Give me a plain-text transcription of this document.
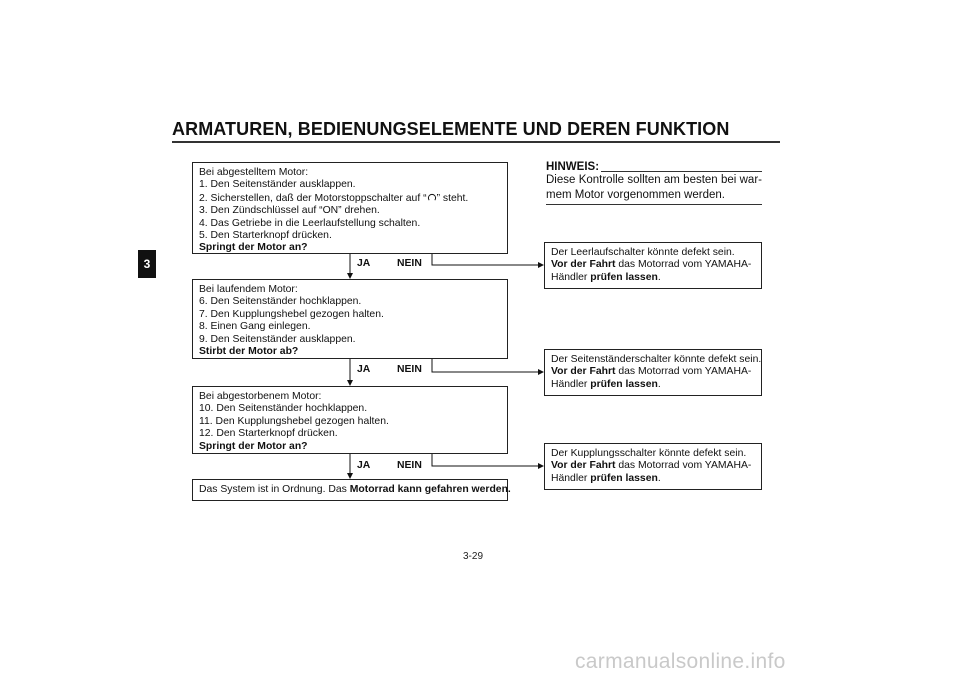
ARMATUREN, BEDIENUNGSELEMENTE UND DEREN FUNKTION
3
Bei abgestelltem Motor:
1. Den Seitenständer ausklappen.
2. Sicherstellen, daß der Motorstoppschalter auf “ ” steht.
3. Den Zündschlüssel auf “ON” drehen.
4. Das Getriebe in die Leerlaufstellung schalten.
5. Den Starterknopf drücken.
Springt der Motor an?
Bei laufendem Motor:
6. Den Seitenständer hochklappen.
7. Den Kupplungshebel gezogen halten.
8. Einen Gang einlegen.
9. Den Seitenständer ausklappen.
Stirbt der Motor ab?
Bei abgestorbenem Motor:
10. Den Seitenständer hochklappen.
11. Den Kupplungshebel gezogen halten.
12. Den Starterknopf drücken.
Springt der Motor an?
Das System ist in Ordnung. Das Motorrad kann gefahren werden.
JA	NEIN
JA	NEIN
JA	NEIN
Der Leerlaufschalter könnte defekt sein.
Vor der Fahrt das Motorrad vom YAMAHA-
Händler prüfen lassen.
Der Seitenständerschalter könnte defekt sein.
Vor der Fahrt das Motorrad vom YAMAHA-
Händler prüfen lassen.
Der Kupplungsschalter könnte defekt sein.
Vor der Fahrt das Motorrad vom YAMAHA-
Händler prüfen lassen.
HINWEIS:
Diese Kontrolle sollten am besten bei war-mem Motor vorgenommen werden.
3-29
carmanualsonline.info
